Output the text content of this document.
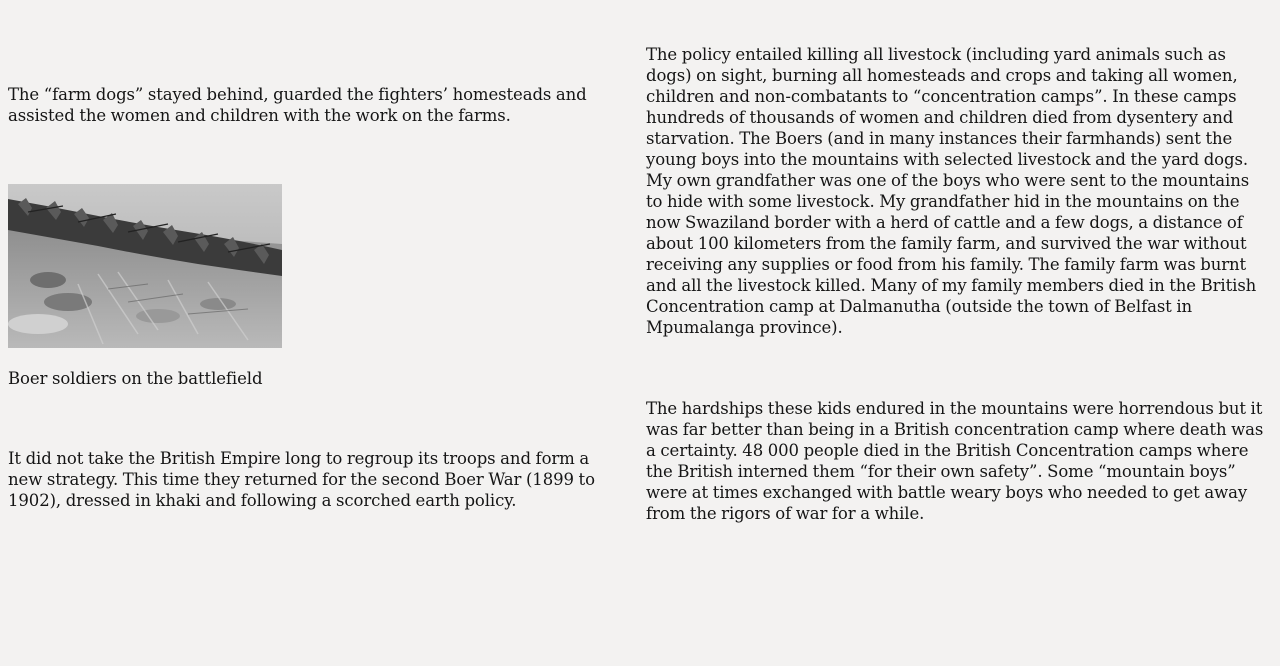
The “farm dogs” stayed behind, guarded the fighters’ homesteads and assisted the women and children with the work on the farms.

Boer soldiers on the battlefield

It did not take the British Empire long to regroup its troops and form a new strategy. This time they returned for the second Boer War (1899 to 1902), dressed in khaki and following a scorched earth policy.

The policy entailed killing all livestock (including yard animals such as dogs) on sight, burning all homesteads and crops and taking all women, children and non-combatants to “concentration camps”. In these camps hundreds of thousands of women and children died from dysentery and starvation. The Boers (and in many instances their farmhands) sent the young boys into the mountains with selected livestock and the yard dogs. My own grandfather was one of the boys who were sent to the mountains to hide with some livestock. My grandfather hid in the mountains on the now Swaziland border with a herd of cattle and a few dogs, a distance of about 100 kilometers from the family farm, and survived the war without receiving any supplies or food from his family. The family farm was burnt and all the livestock killed. Many of my family members died in the British Concentration camp at Dalmanutha (outside the town of Belfast in Mpumalanga province).

The hardships these kids endured in the mountains were horrendous but it was far better than being in a British concentration camp where death was a certainty. 48 000 people died in the British Concentration camps where the British interned them “for their own safety”. Some “mountain boys” were at times exchanged with battle weary boys who needed to get away from the rigors of war for a while.
